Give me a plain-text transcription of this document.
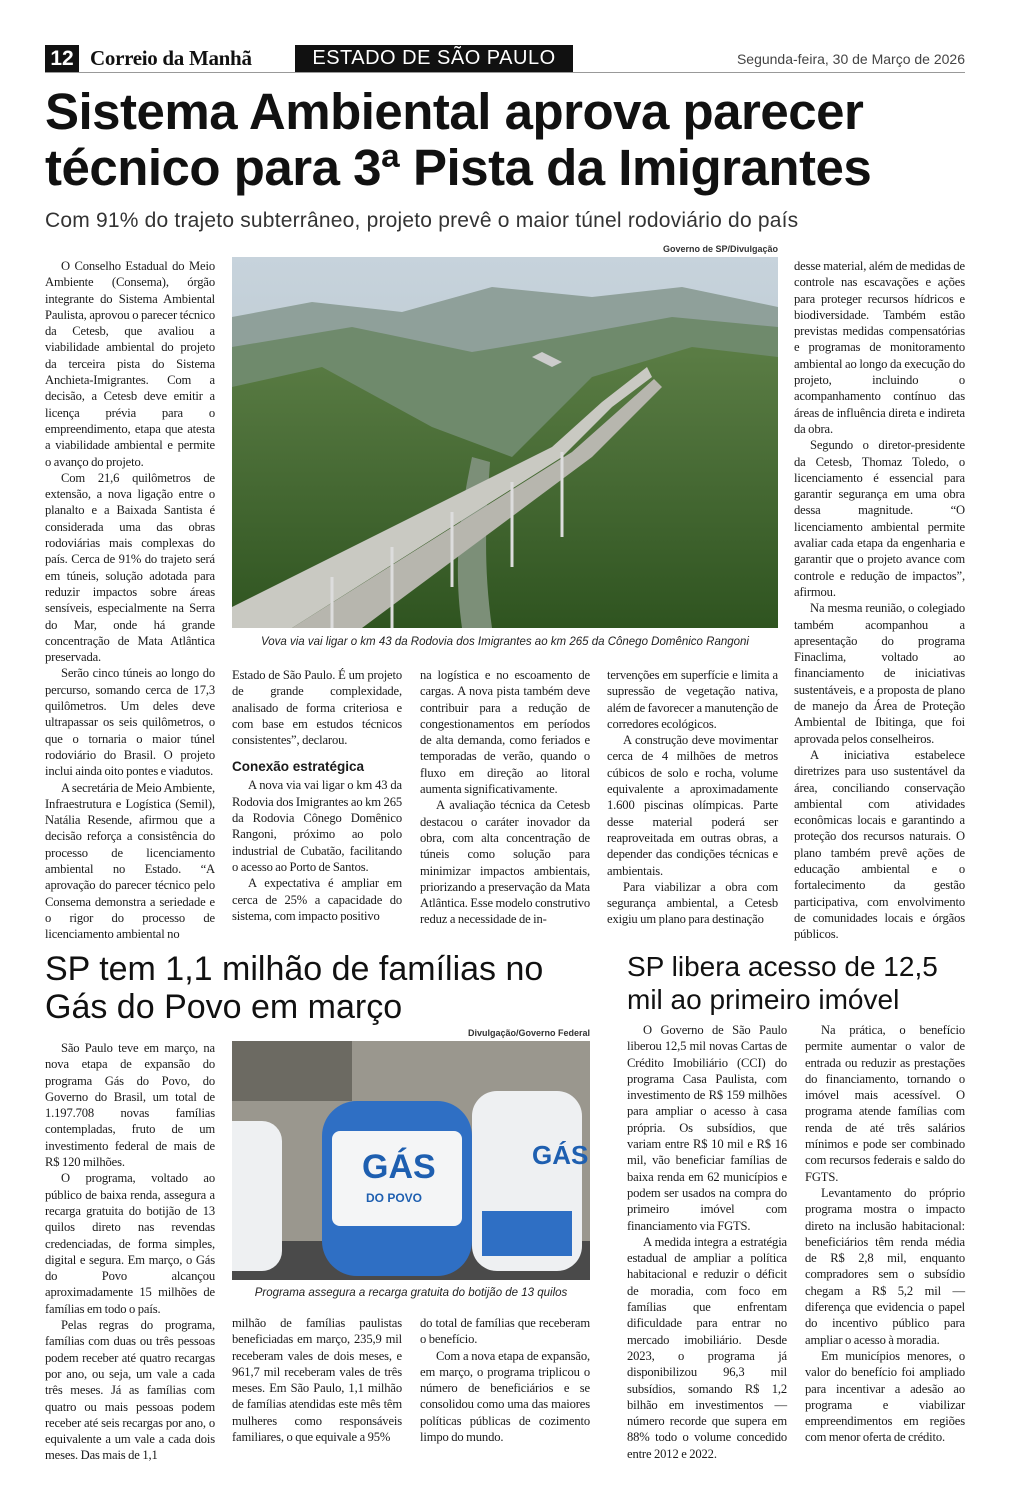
12 Correio da Manhã	ESTADO DE SÃO PAULO	Segunda-feira, 30 de Março de 2026
Sistema Ambiental aprova parecer técnico para 3ª Pista da Imigrantes
Com 91% do trajeto subterrâneo, projeto prevê o maior túnel rodoviário do país
Governo de SP/Divulgação
Vova via vai ligar o km 43 da Rodovia dos Imigrantes ao km 265 da Cônego Domênico Rangoni

O Conselho Estadual do Meio Ambiente (Consema), órgão integrante do Sistema Ambiental Paulista, aprovou o parecer técnico da Cetesb, que avaliou a viabilidade ambiental do projeto da terceira pista do Sistema Anchieta-Imigrantes. Com a decisão, a Cetesb deve emitir a licença prévia para o empreendimento, etapa que atesta a viabilidade ambiental e permite o avanço do projeto.

Com 21,6 quilômetros de extensão, a nova ligação entre o planalto e a Baixada Santista é considerada uma das obras rodoviárias mais complexas do país. Cerca de 91% do trajeto será em túneis, solução adotada para reduzir impactos sobre áreas sensíveis, especialmente na Serra do Mar, onde há grande concentração de Mata Atlântica preservada.

Serão cinco túneis ao longo do percurso, somando cerca de 17,3 quilômetros. Um deles deve ultrapassar os seis quilômetros, o que o tornaria o maior túnel rodoviário do Brasil. O projeto inclui ainda oito pontes e viadutos.

A secretária de Meio Ambiente, Infraestrutura e Logística (Semil), Natália Resende, afirmou que a decisão reforça a consistência do processo de licenciamento ambiental no Estado. “A aprovação do parecer técnico pelo Consema demonstra a seriedade e o rigor do processo de licenciamento ambiental no

Estado de São Paulo. É um projeto de grande complexidade, analisado de forma criteriosa e com base em estudos técnicos consistentes”, declarou.

Conexão estratégica

A nova via vai ligar o km 43 da Rodovia dos Imigrantes ao km 265 da Rodovia Cônego Domênico Rangoni, próximo ao polo industrial de Cubatão, facilitando o acesso ao Porto de Santos.

A expectativa é ampliar em cerca de 25% a capacidade do sistema, com impacto positivo

na logística e no escoamento de cargas. A nova pista também deve contribuir para a redução de congestionamentos em períodos de alta demanda, como feriados e temporadas de verão, quando o fluxo em direção ao litoral aumenta significativamente.

A avaliação técnica da Cetesb destacou o caráter inovador da obra, com alta concentração de túneis como solução para minimizar impactos ambientais, priorizando a preservação da Mata Atlântica. Esse modelo construtivo reduz a necessidade de in-

tervenções em superfície e limita a supressão de vegetação nativa, além de favorecer a manutenção de corredores ecológicos.

A construção deve movimentar cerca de 4 milhões de metros cúbicos de solo e rocha, volume equivalente a aproximadamente 1.600 piscinas olímpicas. Parte desse material poderá ser reaproveitada em outras obras, a depender das condições técnicas e ambientais.

Para viabilizar a obra com segurança ambiental, a Cetesb exigiu um plano para destinação

desse material, além de medidas de controle nas escavações e ações para proteger recursos hídricos e biodiversidade. Também estão previstas medidas compensatórias e programas de monitoramento ambiental ao longo da execução do projeto, incluindo o acompanhamento contínuo das áreas de influência direta e indireta da obra.

Segundo o diretor-presidente da Cetesb, Thomaz Toledo, o licenciamento é essencial para garantir segurança em uma obra dessa magnitude. “O licenciamento ambiental permite avaliar cada etapa da engenharia e garantir que o projeto avance com controle e redução de impactos”, afirmou.

Na mesma reunião, o colegiado também acompanhou a apresentação do programa Finaclima, voltado ao financiamento de iniciativas sustentáveis, e a proposta de plano de manejo da Área de Proteção Ambiental de Ibitinga, que foi aprovada pelos conselheiros.

A iniciativa estabelece diretrizes para uso sustentável da área, conciliando conservação ambiental com atividades econômicas locais e garantindo a proteção dos recursos naturais. O plano também prevê ações de educação ambiental e o fortalecimento da gestão participativa, com envolvimento de comunidades locais e órgãos públicos.

SP tem 1,1 milhão de famílias no Gás do Povo em março
Divulgação/Governo Federal
GÁS
DO POVO
GÁS
Programa assegura a recarga gratuita do botijão de 13 quilos

São Paulo teve em março, na nova etapa de expansão do programa Gás do Povo, do Governo do Brasil, um total de 1.197.708 novas famílias contempladas, fruto de um investimento federal de mais de R$ 120 milhões.

O programa, voltado ao público de baixa renda, assegura a recarga gratuita do botijão de 13 quilos direto nas revendas credenciadas, de forma simples, digital e segura. Em março, o Gás do Povo alcançou aproximadamente 15 milhões de famílias em todo o país.

Pelas regras do programa, famílias com duas ou três pessoas podem receber até quatro recargas por ano, ou seja, um vale a cada três meses. Já as famílias com quatro ou mais pessoas podem receber até seis recargas por ano, o equivalente a um vale a cada dois meses. Das mais de 1,1

milhão de famílias paulistas beneficiadas em março, 235,9 mil receberam vales de dois meses, e 961,7 mil receberam vales de três meses. Em São Paulo, 1,1 milhão de famílias atendidas este mês têm mulheres como responsáveis familiares, o que equivale a 95%

do total de famílias que receberam o benefício.

Com a nova etapa de expansão, em março, o programa triplicou o número de beneficiários e se consolidou como uma das maiores políticas públicas de cozimento limpo do mundo.

SP libera acesso de 12,5 mil ao primeiro imóvel

O Governo de São Paulo liberou 12,5 mil novas Cartas de Crédito Imobiliário (CCI) do programa Casa Paulista, com investimento de R$ 159 milhões para ampliar o acesso à casa própria. Os subsídios, que variam entre R$ 10 mil e R$ 16 mil, vão beneficiar famílias de baixa renda em 62 municípios e podem ser usados na compra do primeiro imóvel com financiamento via FGTS.

A medida integra a estratégia estadual de ampliar a política habitacional e reduzir o déficit de moradia, com foco em famílias que enfrentam dificuldade para entrar no mercado imobiliário. Desde 2023, o programa já disponibilizou 96,3 mil subsídios, somando R$ 1,2 bilhão em investimentos — número recorde que supera em 88% todo o volume concedido entre 2012 e 2022.

Na prática, o benefício permite aumentar o valor de entrada ou reduzir as prestações do financiamento, tornando o imóvel mais acessível. O programa atende famílias com renda de até três salários mínimos e pode ser combinado com recursos federais e saldo do FGTS.

Levantamento do próprio programa mostra o impacto direto na inclusão habitacional: beneficiários têm renda média de R$ 2,8 mil, enquanto compradores sem o subsídio chegam a R$ 5,2 mil — diferença que evidencia o papel do incentivo público para ampliar o acesso à moradia.

Em municípios menores, o valor do benefício foi ampliado para incentivar a adesão ao programa e viabilizar empreendimentos em regiões com menor oferta de crédito.
